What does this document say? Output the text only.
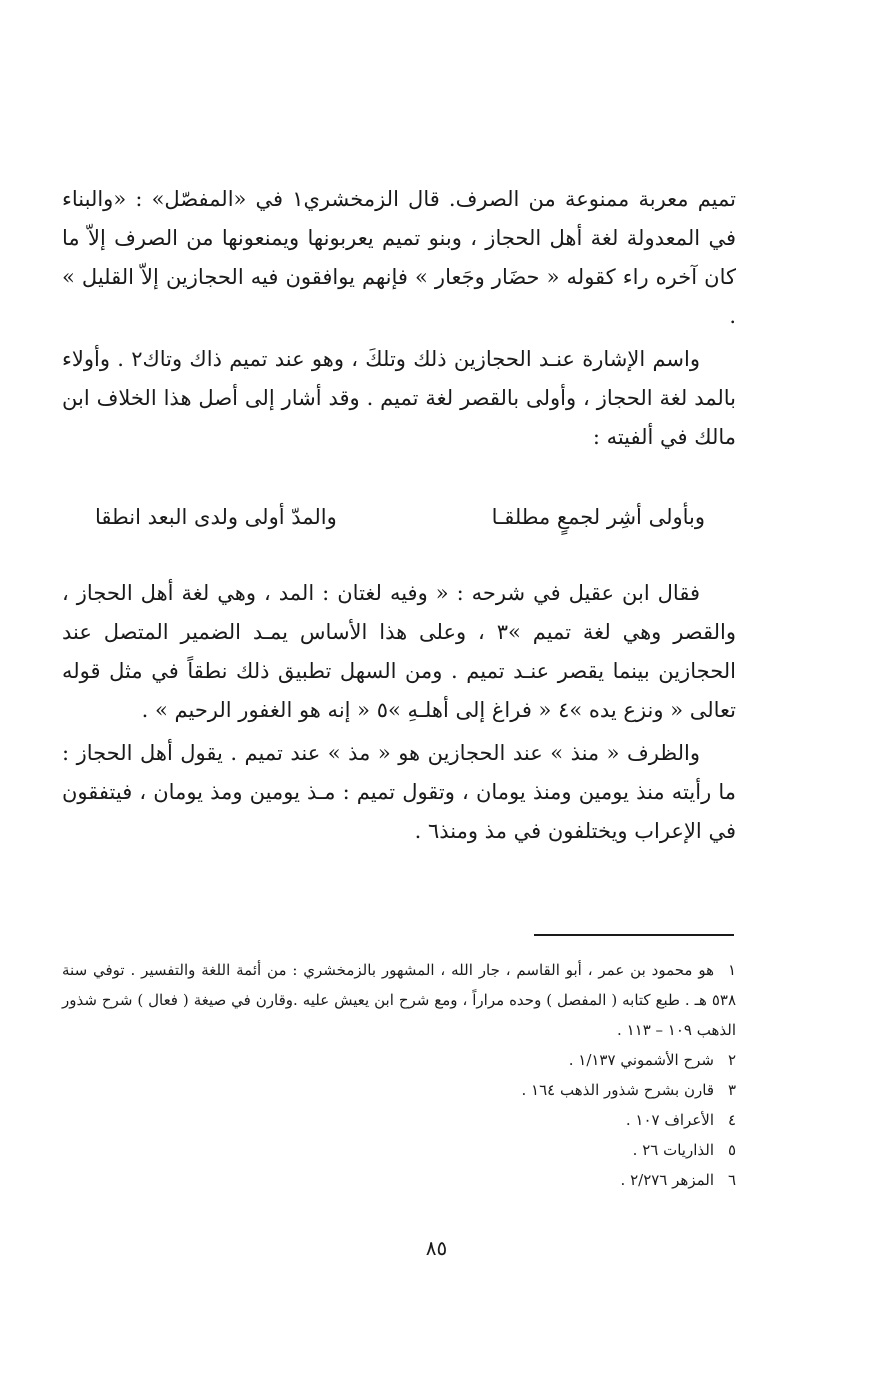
تميم معربة ممنوعة من الصرف. قال الزمخشري١ في «المفصّل» : «والبناء في المعدولة لغة أهل الحجاز ، وبنو تميم يعربونها ويمنعونها من الصرف إلاّ ما كان آخره راء كقوله « حضَار وجَعار » فإنهم يوافقون فيه الحجازين إلاّ القليل » .

واسم الإشارة عنـد الحجازين ذلك وتلكَ ، وهو عند تميم ذاك وتاك٢ . وأولاء بالمد لغة الحجاز ، وأولى بالقصر لغة تميم . وقد أشار إلى أصل هذا الخلاف ابن مالك في ألفيته :

وبأولى أشِر لجمعٍ مطلقـا
والمدّ أولى ولدى البعد انطقا

فقال ابن عقيل في شرحه : « وفيه لغتان : المد ، وهي لغة أهل الحجاز ، والقصر وهي لغة تميم »٣ ، وعلى هذا الأساس يمـد الضمير المتصل عند الحجازين بينما يقصر عنـد تميم . ومن السهل تطبيق ذلك نطقاً في مثل قوله تعالى « ونزع يده »٤ « فراغ إلى أهلـهِ »٥ « إنه هو الغفور الرحيم » .

والظرف « منذ » عند الحجازين هو « مذ » عند تميم . يقول أهل الحجاز : ما رأيته منذ يومين ومنذ يومان ، وتقول تميم : مـذ يومين ومذ يومان ، فيتفقون في الإعراب ويختلفون في مذ ومنذ٦ .

١هو محمود بن عمر ، أبو القاسم ، جار الله ، المشهور بالزمخشري : من أئمة اللغة والتفسير . توفي سنة ٥٣٨ هـ . طبع كتابه ( المفصل ) وحده مراراً ، ومع شرح ابن يعيش عليه .وقارن في صيغة ( فعال ) شرح شذور الذهب ١٠٩ – ١١٣ .

٢شرح الأشموني ١/١٣٧ .

٣قارن بشرح شذور الذهب ١٦٤ .

٤الأعراف ١٠٧ .

٥الذاريات ٢٦ .

٦المزهر ٢/٢٧٦ .

٨٥
